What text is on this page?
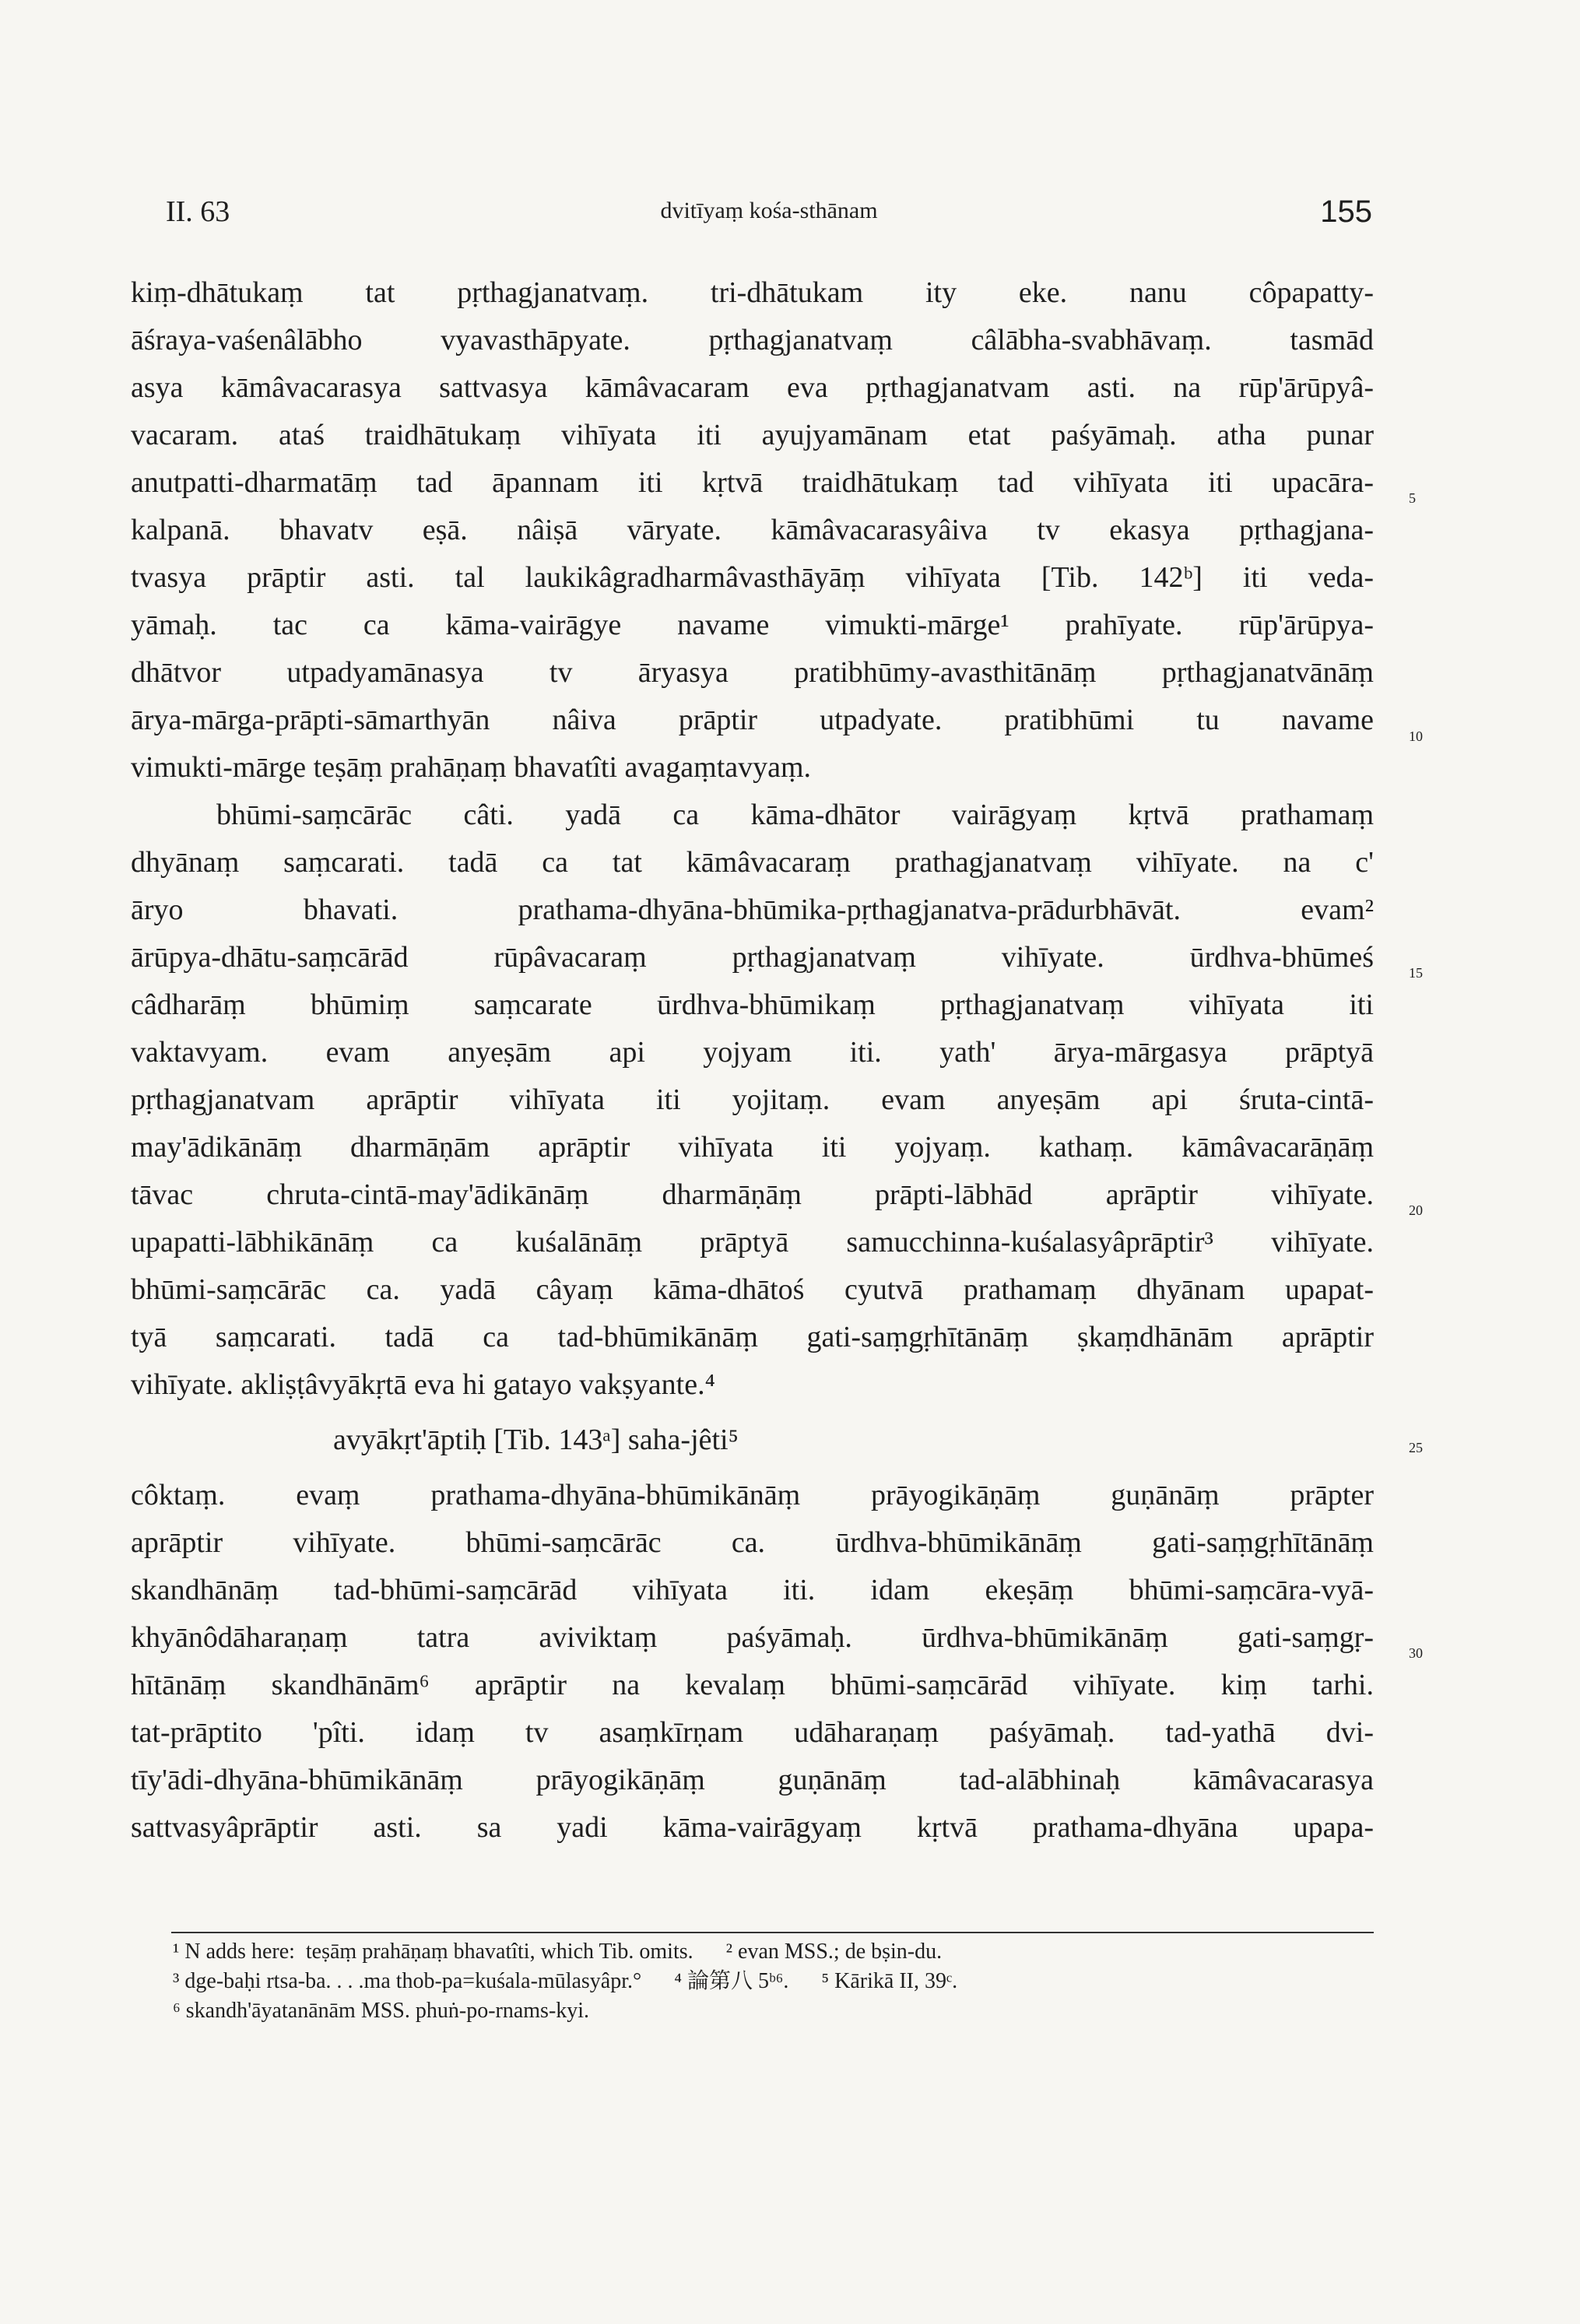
II. 63	dvitīyaṃ kośa-sthānam	155
kiṃ-dhātukaṃ tat pṛthagjanatvaṃ. tri-dhātukam ity eke. nanu côpapatty-
āśraya-vaśenâlābho vyavasthāpyate. pṛthagjanatvaṃ câlābha-svabhāvaṃ. tasmād
asya kāmâvacarasya sattvasya kāmâvacaram eva pṛthagjanatvam asti. na rūp'ārūpyâ-
vacaram. ataś traidhātukaṃ vihīyata iti ayujyamānam etat paśyāmaḥ. atha punar
anutpatti-dharmatāṃ tad āpannam iti kṛtvā traidhātukaṃ tad vihīyata iti upacāra-
kalpanā. bhavatv eṣā. nâiṣā vāryate. kāmâvacarasyâiva tv ekasya pṛthagjana-
tvasya prāptir asti. tal laukikâgradharmâvasthāyāṃ vihīyata [Tib. 142ᵇ] iti veda-
yāmaḥ. tac ca kāma-vairāgye navame vimukti-mārge¹ prahīyate. rūp'ārūpya-
dhātvor utpadyamānasya tv āryasya pratibhūmy-avasthitānāṃ pṛthagjanatvānāṃ
ārya-mārga-prāpti-sāmarthyān nâiva prāptir utpadyate. pratibhūmi tu navame
vimukti-mārge teṣāṃ prahāṇaṃ bhavatîti avagaṃtavyaṃ.
bhūmi-saṃcārāc câti. yadā ca kāma-dhātor vairāgyaṃ kṛtvā prathamaṃ
dhyānaṃ saṃcarati. tadā ca tat kāmâvacaraṃ prathagjanatvaṃ vihīyate. na c'
āryo bhavati. prathama-dhyāna-bhūmika-pṛthagjanatva-prādurbhāvāt. evam²
ārūpya-dhātu-saṃcārād rūpâvacaraṃ pṛthagjanatvaṃ vihīyate. ūrdhva-bhūmeś
câdharāṃ bhūmiṃ saṃcarate ūrdhva-bhūmikaṃ pṛthagjanatvaṃ vihīyata iti
vaktavyam. evam anyeṣām api yojyam iti. yath' ārya-mārgasya prāptyā
pṛthagjanatvam aprāptir vihīyata iti yojitaṃ. evam anyeṣām api śruta-cintā-
may'ādikānāṃ dharmāṇām aprāptir vihīyata iti yojyaṃ. kathaṃ. kāmâvacarāṇāṃ
tāvac chruta-cintā-may'ādikānāṃ dharmāṇāṃ prāpti-lābhād aprāptir vihīyate.
upapatti-lābhikānāṃ ca kuśalānāṃ prāptyā samucchinna-kuśalasyâprāptir³ vihīyate.
bhūmi-saṃcārāc ca. yadā câyaṃ kāma-dhātoś cyutvā prathamaṃ dhyānam upapat-
tyā saṃcarati. tadā ca tad-bhūmikānāṃ gati-saṃgṛhītānāṃ ṣkaṃdhānām aprāptir
vihīyate. akliṣṭâvyākṛtā eva hi gatayo vakṣyante.⁴
avyākṛt'āptiḥ [Tib. 143ᵃ] saha-jêti⁵
côktaṃ. evaṃ prathama-dhyāna-bhūmikānāṃ prāyogikāṇāṃ guṇānāṃ prāpter
aprāptir vihīyate. bhūmi-saṃcārāc ca. ūrdhva-bhūmikānāṃ gati-saṃgṛhītānāṃ
skandhānāṃ tad-bhūmi-saṃcārād vihīyata iti. idam ekeṣāṃ bhūmi-saṃcāra-vyā-
khyānôdāharaṇaṃ tatra aviviktaṃ paśyāmaḥ. ūrdhva-bhūmikānāṃ gati-saṃgṛ-
hītānāṃ skandhānām⁶ aprāptir na kevalaṃ bhūmi-saṃcārād vihīyate. kiṃ tarhi.
tat-prāptito 'pîti. idaṃ tv asaṃkīrṇam udāharaṇaṃ paśyāmaḥ. tad-yathā dvi-
tīy'ādi-dhyāna-bhūmikānāṃ prāyogikāṇāṃ guṇānāṃ tad-alābhinaḥ kāmâvacarasya
sattvasyâprāptir asti. sa yadi kāma-vairāgyaṃ kṛtvā prathama-dhyāna upapa-
5
10
15
20
25
30
¹ N adds here:  teṣāṃ prahāṇaṃ bhavatîti, which Tib. omits.      ² evan MSS.; de bṣin-du.
³ dge-baḥi rtsa-ba. . . .ma thob-pa=kuśala-mūlasyâpr.°      ⁴ 論第八 5ᵇ⁶.      ⁵ Kārikā II, 39ᶜ.
⁶ skandh'āyatanānām MSS. phuṅ-po-rnams-kyi.
